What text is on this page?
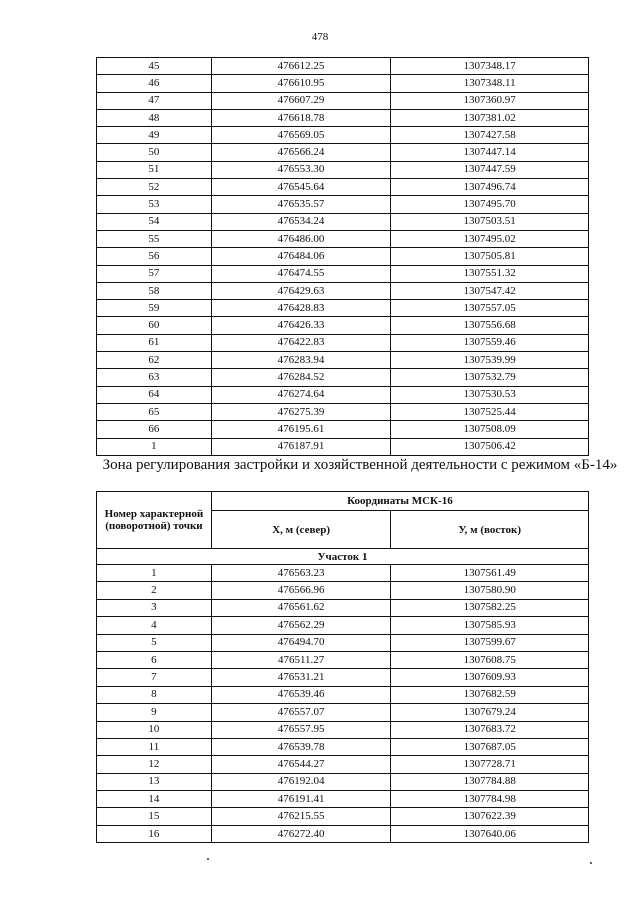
478
45	476612.25	1307348.17
46	476610.95	1307348.11
47	476607.29	1307360.97
48	476618.78	1307381.02
49	476569.05	1307427.58
50	476566.24	1307447.14
51	476553.30	1307447.59
52	476545.64	1307496.74
53	476535.57	1307495.70
54	476534.24	1307503.51
55	476486.00	1307495.02
56	476484.06	1307505.81
57	476474.55	1307551.32
58	476429.63	1307547.42
59	476428.83	1307557.05
60	476426.33	1307556.68
61	476422.83	1307559.46
62	476283.94	1307539.99
63	476284.52	1307532.79
64	476274.64	1307530.53
65	476275.39	1307525.44
66	476195.61	1307508.09
1	476187.91	1307506.42
Зона регулирования застройки и хозяйственной деятельности с режимом «Б-14»
Номер характерной (поворотной) точки	Координаты МСК-16	
	Х, м (север)	У, м (восток)
Участок 1		
1	476563.23	1307561.49
2	476566.96	1307580.90
3	476561.62	1307582.25
4	476562.29	1307585.93
5	476494.70	1307599.67
6	476511.27	1307608.75
7	476531.21	1307609.93
8	476539.46	1307682.59
9	476557.07	1307679.24
10	476557.95	1307683.72
11	476539.78	1307687.05
12	476544.27	1307728.71
13	476192.04	1307784.88
14	476191.41	1307784.98
15	476215.55	1307622.39
16	476272.40	1307640.06
